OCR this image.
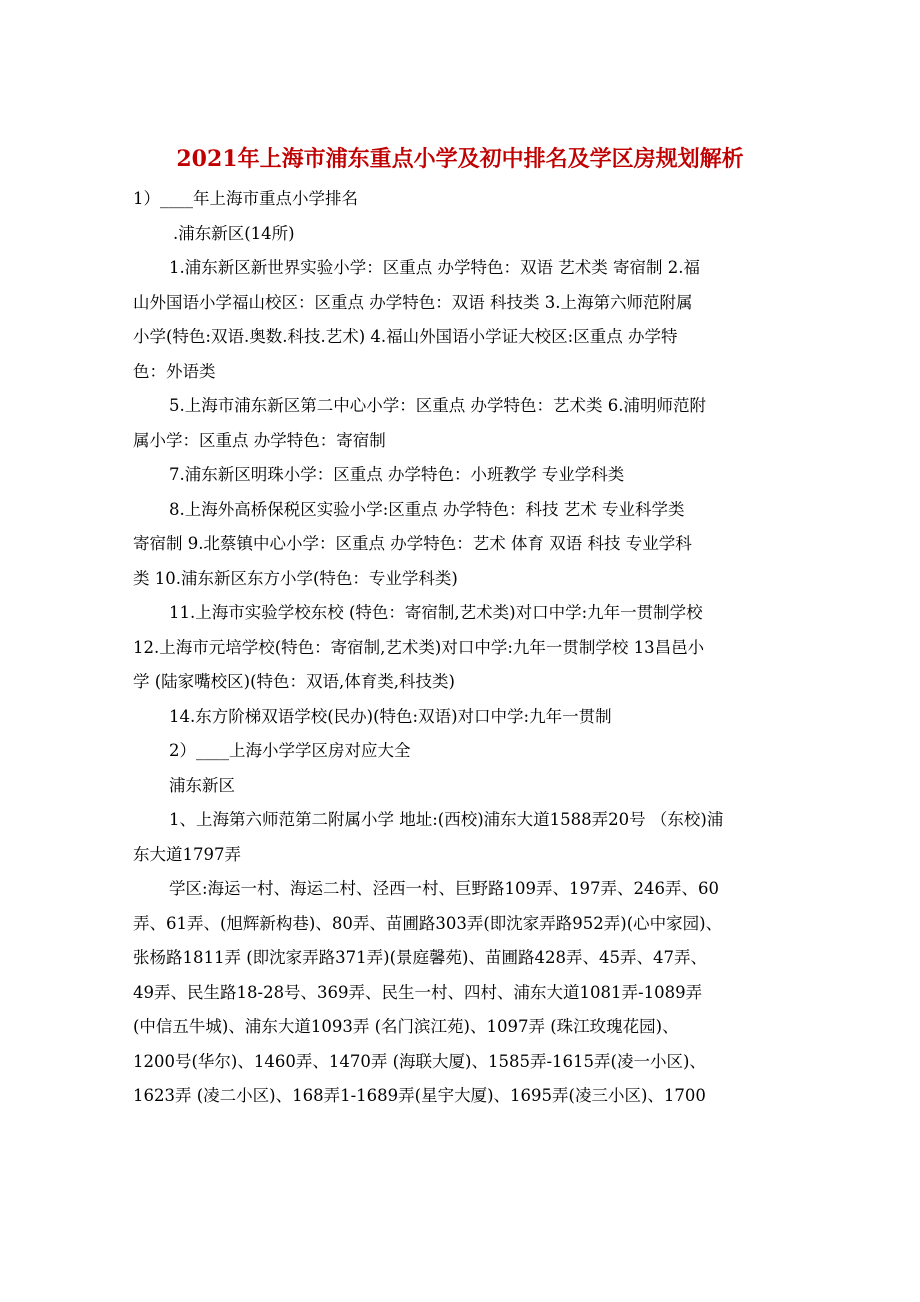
2021年上海市浦东重点小学及初中排名及学区房规划解析
1）____年上海市重点小学排名
.浦东新区(14所)
1.浦东新区新世界实验小学：区重点 办学特色：双语 艺术类 寄宿制 2.福
山外国语小学福山校区：区重点 办学特色：双语 科技类 3.上海第六师范附属
小学(特色:双语.奥数.科技.艺术) 4.福山外国语小学证大校区:区重点 办学特
色：外语类
5.上海市浦东新区第二中心小学：区重点 办学特色：艺术类 6.浦明师范附
属小学：区重点 办学特色：寄宿制
7.浦东新区明珠小学：区重点 办学特色：小班教学 专业学科类
8.上海外高桥保税区实验小学:区重点 办学特色：科技 艺术 专业科学类
寄宿制 9.北蔡镇中心小学：区重点 办学特色：艺术 体育 双语 科技 专业学科
类 10.浦东新区东方小学(特色：专业学科类)
11.上海市实验学校东校 (特色：寄宿制,艺术类)对口中学:九年一贯制学校
12.上海市元培学校(特色：寄宿制,艺术类)对口中学:九年一贯制学校 13昌邑小
学 (陆家嘴校区)(特色：双语,体育类,科技类)
14.东方阶梯双语学校(民办)(特色:双语)对口中学:九年一贯制
2）____上海小学学区房对应大全
浦东新区
1、上海第六师范第二附属小学 地址:(西校)浦东大道1588弄20号 （东校)浦
东大道1797弄
学区:海运一村、海运二村、泾西一村、巨野路109弄、197弄、246弄、60
弄、61弄、(旭辉新构巷)、80弄、苗圃路303弄(即沈家弄路952弄)(心中家园)、
张杨路1811弄 (即沈家弄路371弄)(景庭馨苑)、苗圃路428弄、45弄、47弄、
49弄、民生路18-28号、369弄、民生一村、四村、浦东大道1081弄-1089弄
(中信五牛城)、浦东大道1093弄 (名门滨江苑)、1097弄 (珠江玫瑰花园)、
1200号(华尔)、1460弄、1470弄 (海联大厦)、1585弄-1615弄(凌一小区)、
1623弄 (凌二小区)、168弄1-1689弄(星宇大厦)、1695弄(凌三小区)、1700
